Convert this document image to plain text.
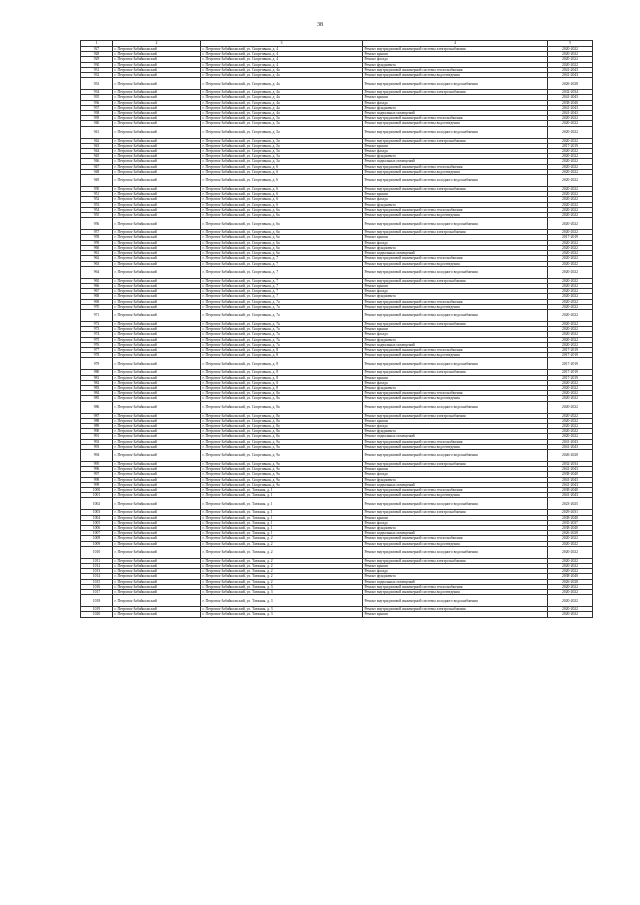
38
1	2	3	4	5
927	г. Петровск-Забайкальский	г. Петровск-Забайкальский, ул. Спортивная, д. 4	Ремонт внутридомовой инженерной системы электроснабжения	2020-2022
928	г. Петровск-Забайкальский	г. Петровск-Забайкальский, ул. Спортивная, д. 4	Ремонт крыши	2020-2022
929	г. Петровск-Забайкальский	г. Петровск-Забайкальский, ул. Спортивная, д. 4	Ремонт фасада	2020-2022
930	г. Петровск-Забайкальский	г. Петровск-Забайкальский, ул. Спортивная, д. 4	Ремонт фундамента	2020-2022
931	г. Петровск-Забайкальский	г. Петровск-Забайкальский, ул. Спортивная, д. 4а	Ремонт внутридомовой инженерной системы теплоснабжения	2041-2043
932	г. Петровск-Забайкальский	г. Петровск-Забайкальский, ул. Спортивная, д. 4а	Ремонт внутридомовой инженерной системы водоотведения	2041-2043
933	г. Петровск-Забайкальский	г. Петровск-Забайкальский, ул. Спортивная, д. 4а	Ремонт внутридомовой инженерной системы холодного водоснабжения	2026-2028
934	г. Петровск-Забайкальский	г. Петровск-Забайкальский, ул. Спортивная, д. 4а	Ремонт внутридомовой инженерной системы электроснабжения	2032-2034
935	г. Петровск-Забайкальский	г. Петровск-Забайкальский, ул. Спортивная, д. 4а	Ремонт крыши	2041-2043
936	г. Петровск-Забайкальский	г. Петровск-Забайкальский, ул. Спортивная, д. 4а	Ремонт фасада	2038-2040
937	г. Петровск-Забайкальский	г. Петровск-Забайкальский, ул. Спортивная, д. 4а	Ремонт фундамента	2041-2043
938	г. Петровск-Забайкальский	г. Петровск-Забайкальский, ул. Спортивная, д. 4а	Ремонт подвальных помещений	2041-2043
939	г. Петровск-Забайкальский	г. Петровск-Забайкальский, ул. Спортивная, д. 5а	Ремонт внутридомовой инженерной системы теплоснабжения	2020-2022
940	г. Петровск-Забайкальский	г. Петровск-Забайкальский, ул. Спортивная, д. 5а	Ремонт внутридомовой инженерной системы водоотведения	2020-2022
941	г. Петровск-Забайкальский	г. Петровск-Забайкальский, ул. Спортивная, д. 5а	Ремонт внутридомовой инженерной системы холодного водоснабжения	2020-2022
942	г. Петровск-Забайкальский	г. Петровск-Забайкальский, ул. Спортивная, д. 5а	Ремонт внутридомовой инженерной системы электроснабжения	2020-2022
943	г. Петровск-Забайкальский	г. Петровск-Забайкальский, ул. Спортивная, д. 5а	Ремонт крыши	2017-2019
944	г. Петровск-Забайкальский	г. Петровск-Забайкальский, ул. Спортивная, д. 5а	Ремонт фасада	2020-2022
945	г. Петровск-Забайкальский	г. Петровск-Забайкальский, ул. Спортивная, д. 5а	Ремонт фундамента	2020-2022
946	г. Петровск-Забайкальский	г. Петровск-Забайкальский, ул. Спортивная, д. 5а	Ремонт подвальных помещений	2020-2022
947	г. Петровск-Забайкальский	г. Петровск-Забайкальский, ул. Спортивная, д. 6	Ремонт внутридомовой инженерной системы теплоснабжения	2020-2022
948	г. Петровск-Забайкальский	г. Петровск-Забайкальский, ул. Спортивная, д. 6	Ремонт внутридомовой инженерной системы водоотведения	2020-2022
949	г. Петровск-Забайкальский	г. Петровск-Забайкальский, ул. Спортивная, д. 6	Ремонт внутридомовой инженерной системы холодного водоснабжения	2020-2022
950	г. Петровск-Забайкальский	г. Петровск-Забайкальский, ул. Спортивная, д. 6	Ремонт внутридомовой инженерной системы электроснабжения	2020-2022
951	г. Петровск-Забайкальский	г. Петровск-Забайкальский, ул. Спортивная, д. 6	Ремонт крыши	2020-2022
952	г. Петровск-Забайкальский	г. Петровск-Забайкальский, ул. Спортивная, д. 6	Ремонт фасада	2020-2022
953	г. Петровск-Забайкальский	г. Петровск-Забайкальский, ул. Спортивная, д. 6	Ремонт фундамента	2020-2022
954	г. Петровск-Забайкальский	г. Петровск-Забайкальский, ул. Спортивная, д. 6а	Ремонт внутридомовой инженерной системы теплоснабжения	2020-2022
955	г. Петровск-Забайкальский	г. Петровск-Забайкальский, ул. Спортивная, д. 6а	Ремонт внутридомовой инженерной системы водоотведения	2020-2022
956	г. Петровск-Забайкальский	г. Петровск-Забайкальский, ул. Спортивная, д. 6а	Ремонт внутридомовой инженерной системы холодного водоснабжения	2020-2022
957	г. Петровск-Забайкальский	г. Петровск-Забайкальский, ул. Спортивная, д. 6а	Ремонт внутридомовой инженерной системы электроснабжения	2020-2022
958	г. Петровск-Забайкальский	г. Петровск-Забайкальский, ул. Спортивная, д. 6а	Ремонт крыши	2017-2019
959	г. Петровск-Забайкальский	г. Петровск-Забайкальский, ул. Спортивная, д. 6а	Ремонт фасада	2020-2022
960	г. Петровск-Забайкальский	г. Петровск-Забайкальский, ул. Спортивная, д. 6а	Ремонт фундамента	2020-2022
961	г. Петровск-Забайкальский	г. Петровск-Забайкальский, ул. Спортивная, д. 6а	Ремонт подвальных помещений	2020-2022
962	г. Петровск-Забайкальский	г. Петровск-Забайкальский, ул. Спортивная, д. 7	Ремонт внутридомовой инженерной системы теплоснабжения	2020-2022
963	г. Петровск-Забайкальский	г. Петровск-Забайкальский, ул. Спортивная, д. 7	Ремонт внутридомовой инженерной системы водоотведения	2020-2022
964	г. Петровск-Забайкальский	г. Петровск-Забайкальский, ул. Спортивная, д. 7	Ремонт внутридомовой инженерной системы холодного водоснабжения	2020-2022
965	г. Петровск-Забайкальский	г. Петровск-Забайкальский, ул. Спортивная, д. 7	Ремонт внутридомовой инженерной системы электроснабжения	2020-2022
966	г. Петровск-Забайкальский	г. Петровск-Забайкальский, ул. Спортивная, д. 7	Ремонт крыши	2020-2022
967	г. Петровск-Забайкальский	г. Петровск-Забайкальский, ул. Спортивная, д. 7	Ремонт фасада	2020-2022
968	г. Петровск-Забайкальский	г. Петровск-Забайкальский, ул. Спортивная, д. 7	Ремонт фундамента	2020-2022
969	г. Петровск-Забайкальский	г. Петровск-Забайкальский, ул. Спортивная, д. 7а	Ремонт внутридомовой инженерной системы теплоснабжения	2020-2022
970	г. Петровск-Забайкальский	г. Петровск-Забайкальский, ул. Спортивная, д. 7а	Ремонт внутридомовой инженерной системы водоотведения	2020-2022
971	г. Петровск-Забайкальский	г. Петровск-Забайкальский, ул. Спортивная, д. 7а	Ремонт внутридомовой инженерной системы холодного водоснабжения	2020-2022
972	г. Петровск-Забайкальский	г. Петровск-Забайкальский, ул. Спортивная, д. 7а	Ремонт внутридомовой инженерной системы электроснабжения	2020-2022
973	г. Петровск-Забайкальский	г. Петровск-Забайкальский, ул. Спортивная, д. 7а	Ремонт крыши	2020-2022
974	г. Петровск-Забайкальский	г. Петровск-Забайкальский, ул. Спортивная, д. 7а	Ремонт фасада	2020-2022
975	г. Петровск-Забайкальский	г. Петровск-Забайкальский, ул. Спортивная, д. 7а	Ремонт фундамента	2020-2022
976	г. Петровск-Забайкальский	г. Петровск-Забайкальский, ул. Спортивная, д. 7а	Ремонт подвальных помещений	2020-2022
977	г. Петровск-Забайкальский	г. Петровск-Забайкальский, ул. Спортивная, д. 8	Ремонт внутридомовой инженерной системы теплоснабжения	2017-2019
978	г. Петровск-Забайкальский	г. Петровск-Забайкальский, ул. Спортивная, д. 8	Ремонт внутридомовой инженерной системы водоотведения	2017-2019
979	г. Петровск-Забайкальский	г. Петровск-Забайкальский, ул. Спортивная, д. 8	Ремонт внутридомовой инженерной системы холодного водоснабжения	2017-2019
980	г. Петровск-Забайкальский	г. Петровск-Забайкальский, ул. Спортивная, д. 8	Ремонт внутридомовой инженерной системы электроснабжения	2017-2019
981	г. Петровск-Забайкальский	г. Петровск-Забайкальский, ул. Спортивная, д. 8	Ремонт крыши	2017-2019
982	г. Петровск-Забайкальский	г. Петровск-Забайкальский, ул. Спортивная, д. 8	Ремонт фасада	2020-2022
983	г. Петровск-Забайкальский	г. Петровск-Забайкальский, ул. Спортивная, д. 8	Ремонт фундамента	2020-2022
984	г. Петровск-Забайкальский	г. Петровск-Забайкальский, ул. Спортивная, д. 8а	Ремонт внутридомовой инженерной системы теплоснабжения	2020-2022
985	г. Петровск-Забайкальский	г. Петровск-Забайкальский, ул. Спортивная, д. 8а	Ремонт внутридомовой инженерной системы водоотведения	2020-2022
986	г. Петровск-Забайкальский	г. Петровск-Забайкальский, ул. Спортивная, д. 8а	Ремонт внутридомовой инженерной системы холодного водоснабжения	2020-2022
987	г. Петровск-Забайкальский	г. Петровск-Забайкальский, ул. Спортивная, д. 8а	Ремонт внутридомовой инженерной системы электроснабжения	2020-2022
988	г. Петровск-Забайкальский	г. Петровск-Забайкальский, ул. Спортивная, д. 8а	Ремонт крыши	2020-2022
989	г. Петровск-Забайкальский	г. Петровск-Забайкальский, ул. Спортивная, д. 8а	Ремонт фасада	2020-2022
990	г. Петровск-Забайкальский	г. Петровск-Забайкальский, ул. Спортивная, д. 8а	Ремонт фундамента	2020-2022
991	г. Петровск-Забайкальский	г. Петровск-Забайкальский, ул. Спортивная, д. 8а	Ремонт подвальных помещений	2020-2022
992	г. Петровск-Забайкальский	г. Петровск-Забайкальский, ул. Спортивная, д. 9а	Ремонт внутридомовой инженерной системы теплоснабжения	2041-2043
993	г. Петровск-Забайкальский	г. Петровск-Забайкальский, ул. Спортивная, д. 9а	Ремонт внутридомовой инженерной системы водоотведения	2041-2043
994	г. Петровск-Забайкальский	г. Петровск-Забайкальский, ул. Спортивная, д. 9а	Ремонт внутридомовой инженерной системы холодного водоснабжения	2026-2028
995	г. Петровск-Забайкальский	г. Петровск-Забайкальский, ул. Спортивная, д. 9а	Ремонт внутридомовой инженерной системы электроснабжения	2032-2034
996	г. Петровск-Забайкальский	г. Петровск-Забайкальский, ул. Спортивная, д. 9а	Ремонт крыши	2041-2043
997	г. Петровск-Забайкальский	г. Петровск-Забайкальский, ул. Спортивная, д. 9а	Ремонт фасада	2038-2040
998	г. Петровск-Забайкальский	г. Петровск-Забайкальский, ул. Спортивная, д. 9а	Ремонт фундамента	2041-2043
999	г. Петровск-Забайкальский	г. Петровск-Забайкальский, ул. Спортивная, д. 9а	Ремонт подвальных помещений	2041-2043
1000	г. Петровск-Забайкальский	г. Петровск-Забайкальский, ул. Таежная, д. 1	Ремонт внутридомовой инженерной системы теплоснабжения	2038-2040
1001	г. Петровск-Забайкальский	г. Петровск-Забайкальский, ул. Таежная, д. 1	Ремонт внутридомовой инженерной системы водоотведения	2041-2043
1002	г. Петровск-Забайкальский	г. Петровск-Забайкальский, ул. Таежная, д. 1	Ремонт внутридомовой инженерной системы холодного водоснабжения	2023-2025
1003	г. Петровск-Забайкальский	г. Петровск-Забайкальский, ул. Таежная, д. 1	Ремонт внутридомовой инженерной системы электроснабжения	2029-2031
1004	г. Петровск-Забайкальский	г. Петровск-Забайкальский, ул. Таежная, д. 1	Ремонт крыши	2038-2040
1005	г. Петровск-Забайкальский	г. Петровск-Забайкальский, ул. Таежная, д. 1	Ремонт фасада	2035-2037
1006	г. Петровск-Забайкальский	г. Петровск-Забайкальский, ул. Таежная, д. 1	Ремонт фундамента	2038-2040
1007	г. Петровск-Забайкальский	г. Петровск-Забайкальский, ул. Таежная, д. 1	Ремонт подвальных помещений	2026-2028
1008	г. Петровск-Забайкальский	г. Петровск-Забайкальский, ул. Таежная, д. 2	Ремонт внутридомовой инженерной системы теплоснабжения	2020-2022
1009	г. Петровск-Забайкальский	г. Петровск-Забайкальский, ул. Таежная, д. 2	Ремонт внутридомовой инженерной системы водоотведения	2020-2022
1010	г. Петровск-Забайкальский	г. Петровск-Забайкальский, ул. Таежная, д. 2	Ремонт внутридомовой инженерной системы холодного водоснабжения	2020-2022
1011	г. Петровск-Забайкальский	г. Петровск-Забайкальский, ул. Таежная, д. 2	Ремонт внутридомовой инженерной системы электроснабжения	2020-2022
1012	г. Петровск-Забайкальский	г. Петровск-Забайкальский, ул. Таежная, д. 2	Ремонт крыши	2020-2022
1013	г. Петровск-Забайкальский	г. Петровск-Забайкальский, ул. Таежная, д. 2	Ремонт фасада	2020-2022
1014	г. Петровск-Забайкальский	г. Петровск-Забайкальский, ул. Таежная, д. 2	Ремонт фундамента	2038-2040
1015	г. Петровск-Забайкальский	г. Петровск-Забайкальский, ул. Таежная, д. 2	Ремонт подвальных помещений	2026-2028
1016	г. Петровск-Забайкальский	г. Петровск-Забайкальский, ул. Таежная, д. 3	Ремонт внутридомовой инженерной системы теплоснабжения	2020-2022
1017	г. Петровск-Забайкальский	г. Петровск-Забайкальский, ул. Таежная, д. 3	Ремонт внутридомовой инженерной системы водоотведения	2020-2022
1018	г. Петровск-Забайкальский	г. Петровск-Забайкальский, ул. Таежная, д. 3	Ремонт внутридомовой инженерной системы холодного водоснабжения	2020-2022
1019	г. Петровск-Забайкальский	г. Петровск-Забайкальский, ул. Таежная, д. 3	Ремонт внутридомовой инженерной системы электроснабжения	2020-2022
1020	г. Петровск-Забайкальский	г. Петровск-Забайкальский, ул. Таежная, д. 3	Ремонт крыши	2020-2022
